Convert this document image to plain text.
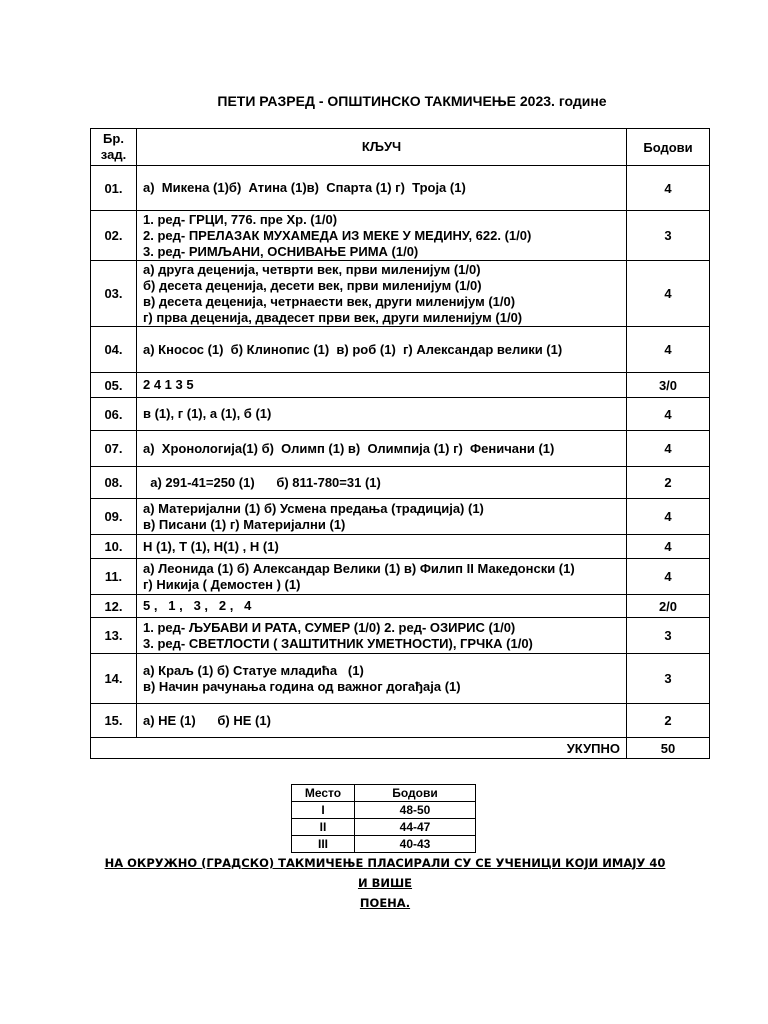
ПЕТИ РАЗРЕД - ОПШТИНСКО ТАКМИЧЕЊЕ 2023. године
Бр.
зад.	КЉУЧ	Бодови
01.	а)  Микена (1)б)  Атина (1)в)  Спарта (1) г)  Троја (1)	4
02.	1. ред- ГРЦИ, 776. пре Хр. (1/0)
2. ред- ПРЕЛАЗАК МУХАМЕДА ИЗ МЕКЕ У МЕДИНУ, 622. (1/0)
3. ред- РИМЉАНИ, ОСНИВАЊЕ РИМА (1/0)	3
03.	а) друга деценија, четврти век, први миленијум (1/0)
б) десета деценија, десети век, први миленијум (1/0)
в) десета деценија, четрнаести век, други миленијум (1/0)
г) прва деценија, двадесет први век, други миленијум (1/0)	4
04.	а) Кносос (1)  б) Клинопис (1)  в) роб (1)  г) Александар велики (1)	4
05.	2 4 1 3 5	3/0
06.	в (1), г (1), а (1), б (1)	4
07.	а)  Хронологија(1) б)  Олимп (1) в)  Олимпија (1) г)  Феничани (1)	4
08.	а) 291-41=250 (1)      б) 811-780=31 (1)	2
09.	а) Материјални (1) б) Усмена предања (традиција) (1)
в) Писани (1) г) Материјални (1)	4
10.	Н (1), Т (1), Н(1) , Н (1)	4
11.	а) Леонида (1) б) Александар Велики (1) в) Филип II Македонски (1)
г) Никија ( Демостен ) (1)	4
12.	5 ,   1 ,   3 ,   2 ,   4	2/0
13.	1. ред- ЉУБАВИ И РАТА, СУМЕР (1/0) 2. ред- ОЗИРИС (1/0)
3. ред- СВЕТЛОСТИ ( ЗАШТИТНИК УМЕТНОСТИ), ГРЧКА (1/0)	3
14.	а) Краљ (1) б) Статуе младића   (1)
в) Начин рачунања година од важног догађаја (1)	3
15.	а) НЕ (1)      б) НЕ (1)	2
УКУПНО		50
Место	Бодови
I	48-50
II	44-47
III	40-43
НА ОКРУЖНО (ГРАДСКО) ТАКМИЧЕЊЕ ПЛАСИРАЛИ СУ СЕ УЧЕНИЦИ КОЈИ ИМАЈУ 40 И ВИШЕ
ПОЕНА.
